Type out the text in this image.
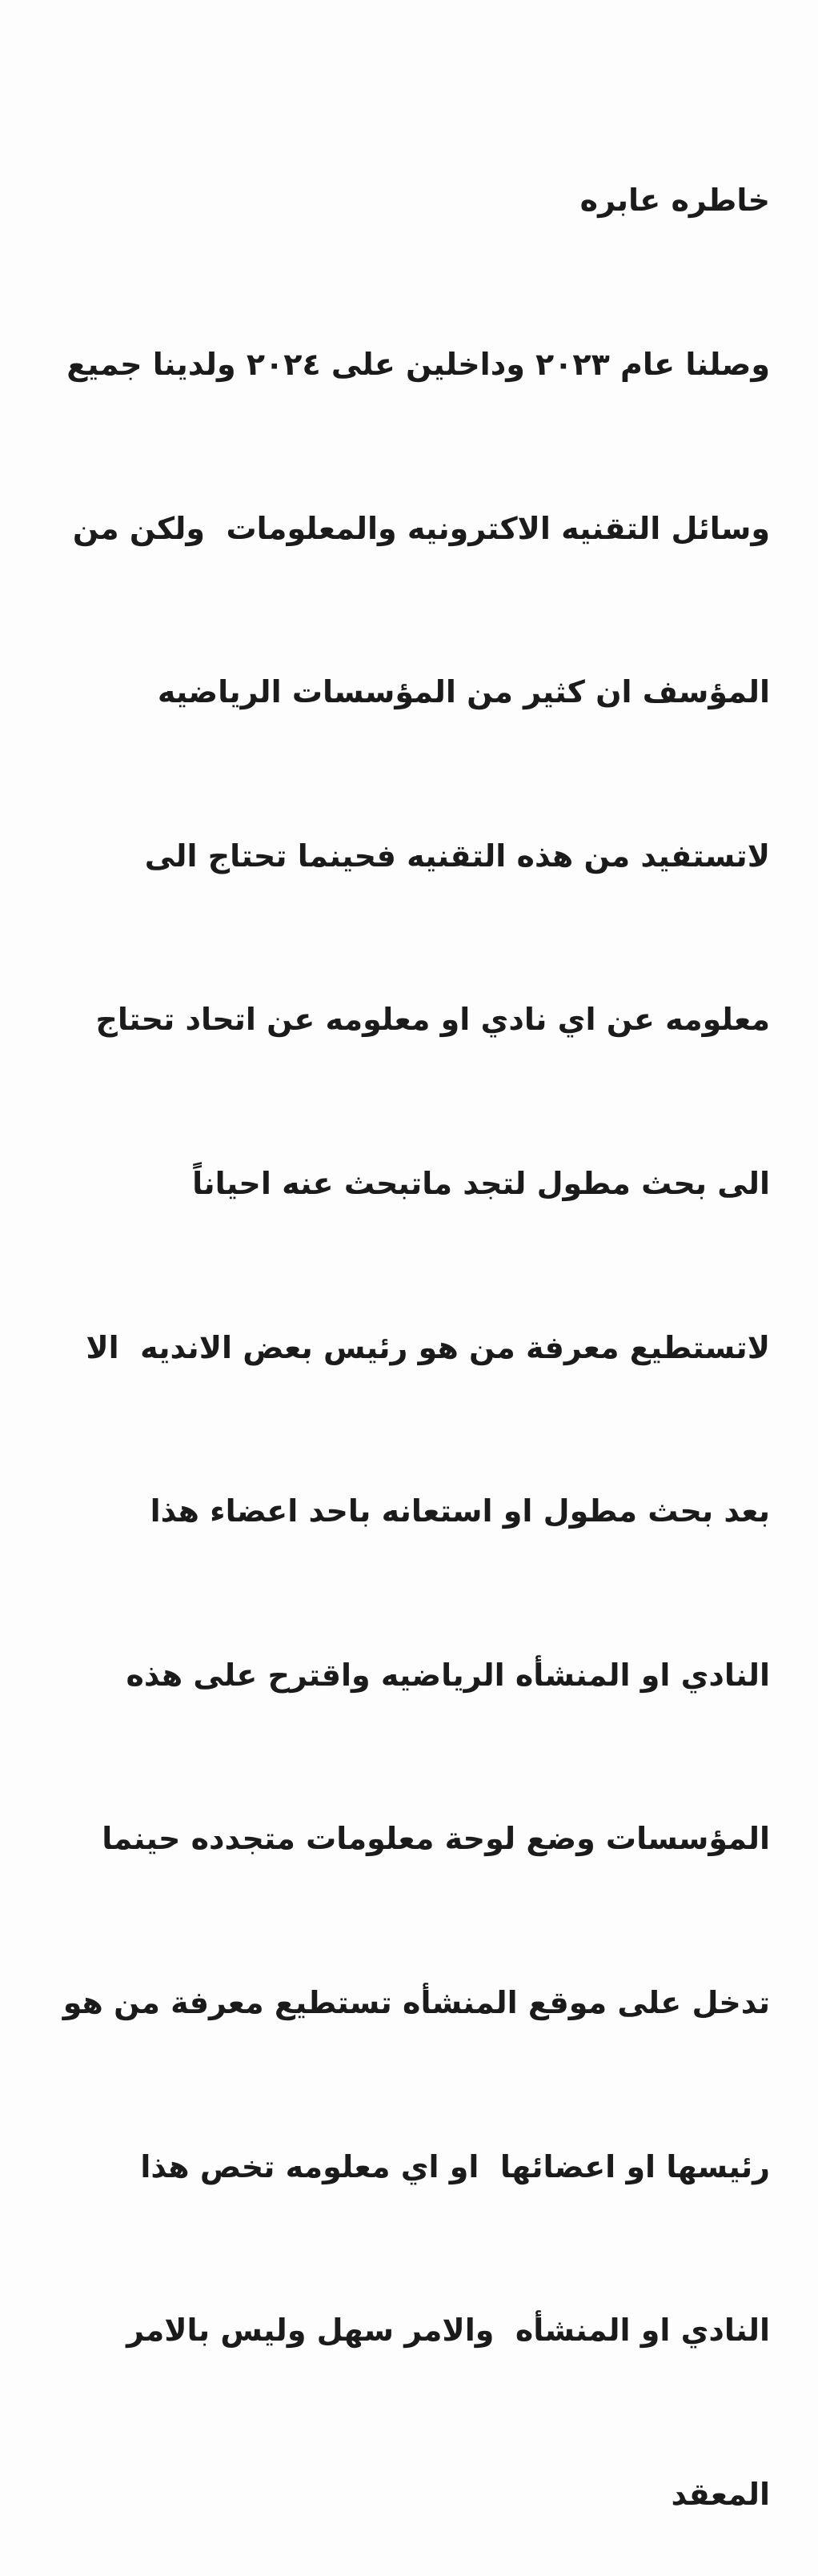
خاطره عابره

وصلنا عام ٢٠٢٣ وداخلين على ٢٠٢٤ ولدينا جميع

وسائل التقنيه الاكترونيه والمعلومات  ولكن من

المؤسف ان كثير من المؤسسات الرياضيه

لاتستفيد من هذه التقنيه فحينما تحتاج الى

معلومه عن اي نادي او معلومه عن اتحاد تحتاج

الى بحث مطول لتجد ماتبحث عنه احياناً

لاتستطيع معرفة من هو رئيس بعض الانديه  الا

بعد بحث مطول او استعانه باحد اعضاء هذا

النادي او المنشأه الرياضيه واقترح على هذه

المؤسسات وضع لوحة معلومات متجدده حينما

تدخل على موقع المنشأه تستطيع معرفة من هو

رئيسها او اعضائها  او اي معلومه تخص هذا

النادي او المنشأه  والامر سهل وليس بالامر

المعقد
